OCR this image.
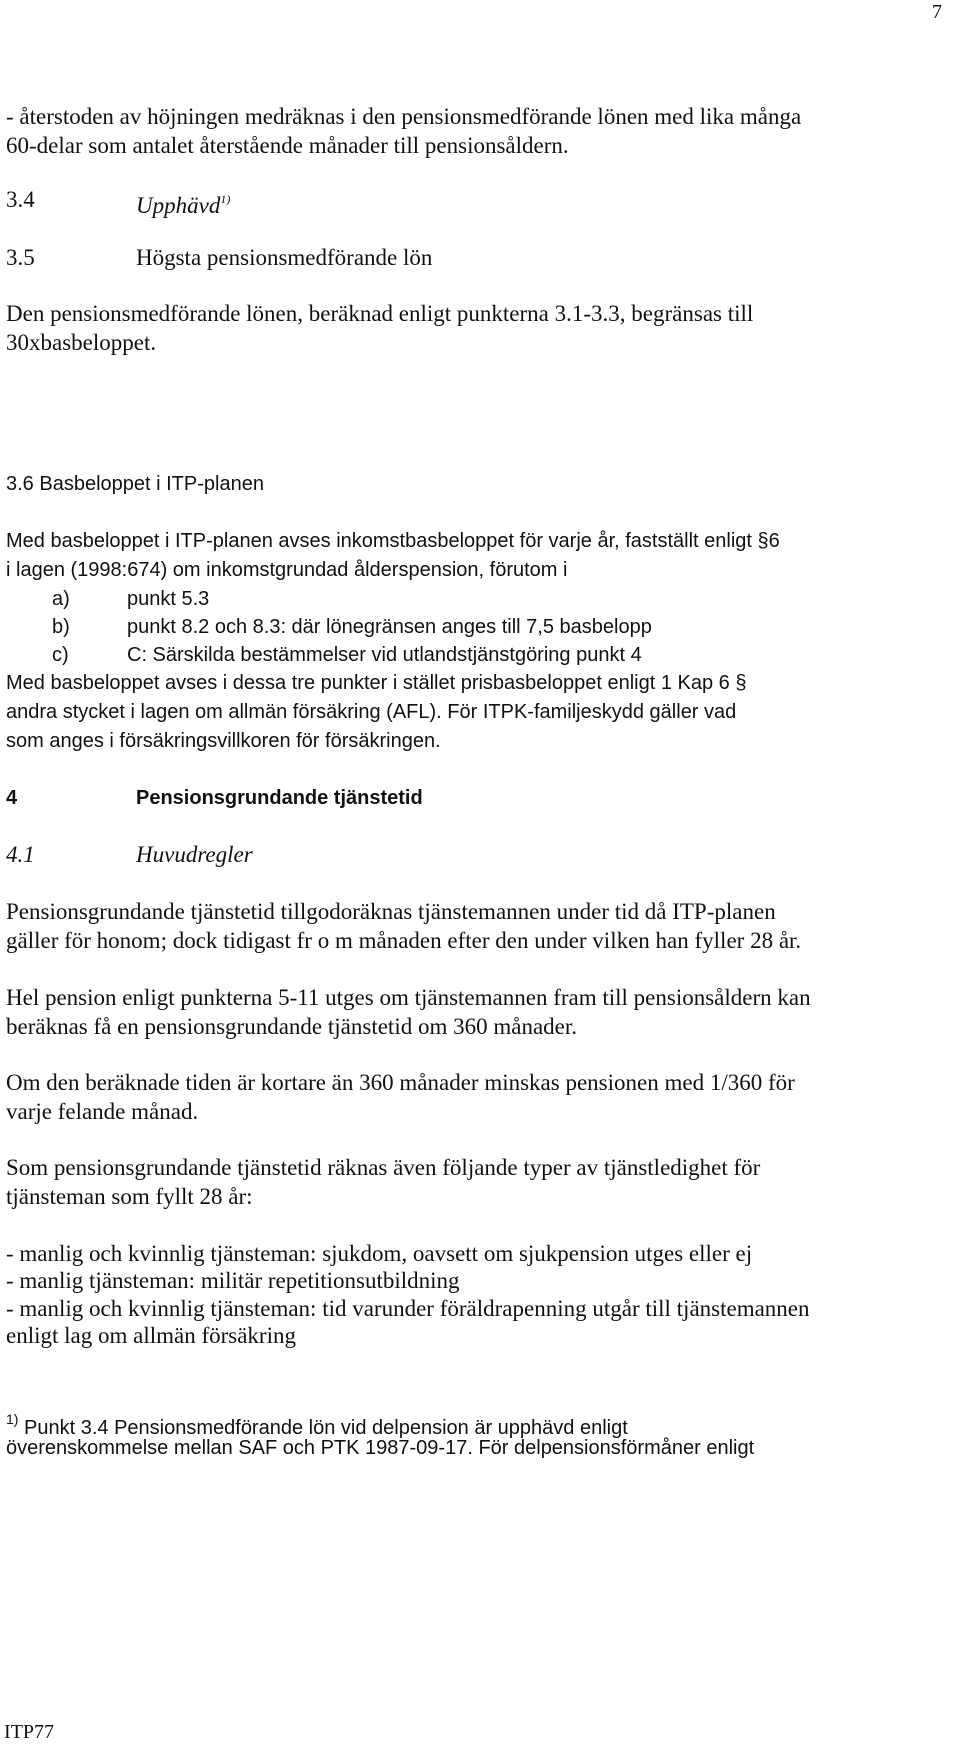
7
- återstoden av höjningen medräknas i den pensionsmedförande lönen med lika många
60-delar som antalet återstående månader till pensionsåldern.
3.4	Upphävd$^{1)}$
3.5	Högsta pensionsmedförande lön
Den pensionsmedförande lönen, beräknad enligt punkterna 3.1-3.3, begränsas till
30xbasbeloppet.
3.6 Basbeloppet i ITP-planen
Med basbeloppet i ITP-planen avses inkomstbasbeloppet för varje år, fastställt enligt §6
i lagen (1998:674) om inkomstgrundad ålderspension, förutom i
a)	punkt 5.3
b)	punkt 8.2 och 8.3: där lönegränsen anges till 7,5 basbelopp
c)	C: Särskilda bestämmelser vid utlandstjänstgöring punkt 4
Med basbeloppet avses i dessa tre punkter i stället prisbasbeloppet enligt 1 Kap 6 §
andra stycket i lagen om allmän försäkring (AFL). För ITPK-familjeskydd gäller vad
som anges i försäkringsvillkoren för försäkringen.
4	Pensionsgrundande tjänstetid
4.1	Huvudregler
Pensionsgrundande tjänstetid tillgodoräknas tjänstemannen under tid då ITP-planen
gäller för honom; dock tidigast fr o m månaden efter den under vilken han fyller 28 år.
Hel pension enligt punkterna 5-11 utges om tjänstemannen fram till pensionsåldern kan
beräknas få en pensionsgrundande tjänstetid om 360 månader.
Om den beräknade tiden är kortare än 360 månader minskas pensionen med 1/360 för
varje felande månad.
Som pensionsgrundande tjänstetid räknas även följande typer av tjänstledighet för
tjänsteman som fyllt 28 år:
- manlig och kvinnlig tjänsteman: sjukdom, oavsett om sjukpension utges eller ej
- manlig tjänsteman: militär repetitionsutbildning
- manlig och kvinnlig tjänsteman: tid varunder föräldrapenning utgår till tjänstemannen
enligt lag om allmän försäkring
$^{1)}$ Punkt 3.4 Pensionsmedförande lön vid delpension är upphävd enligt
överenskommelse mellan SAF och PTK 1987-09-17. För delpensionsförmåner enligt
ITP77
